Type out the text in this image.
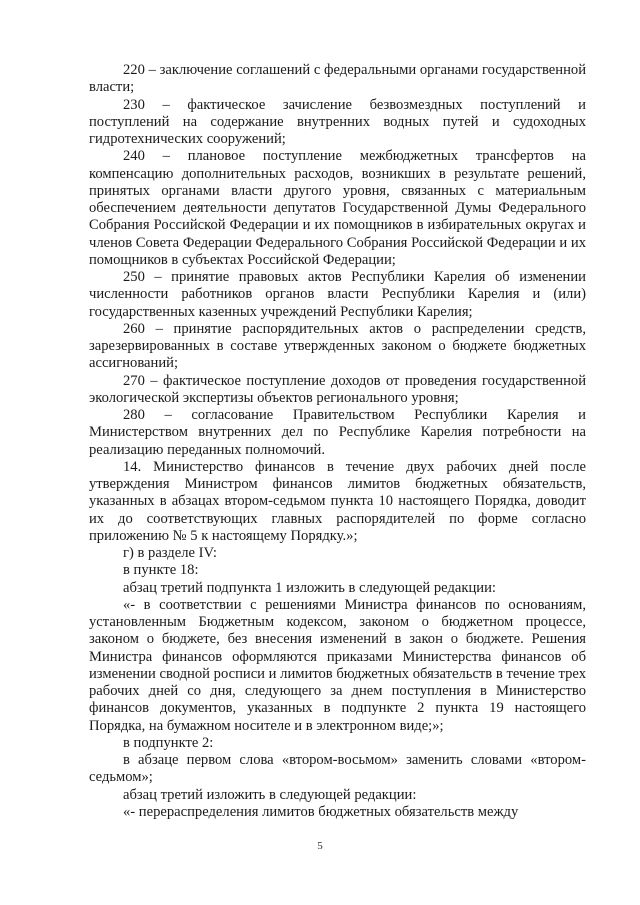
220 – заключение соглашений с федеральными органами государственной власти;

230 – фактическое зачисление безвозмездных поступлений и поступлений на содержание внутренних водных путей и судоходных гидротехнических сооружений;

240 – плановое поступление межбюджетных трансфертов на компенсацию дополнительных расходов, возникших в результате решений, принятых органами власти другого уровня, связанных с материальным обеспечением деятельности депутатов Государственной Думы Федерального Собрания Российской Федерации и их помощников в избирательных округах и членов Совета Федерации Федерального Собрания Российской Федерации и их помощников в субъектах Российской Федерации;

250 – принятие правовых актов Республики Карелия об изменении численности работников органов власти Республики Карелия и (или) государственных казенных учреждений Республики Карелия;

260 – принятие распорядительных актов о распределении средств, зарезервированных в составе утвержденных законом о бюджете бюджетных ассигнований;

270 – фактическое поступление доходов от проведения государственной экологической экспертизы объектов регионального уровня;

280 – согласование Правительством Республики Карелия и Министерством внутренних дел по Республике Карелия потребности на реализацию переданных полномочий.

14. Министерство финансов в течение двух рабочих дней после утверждения Министром финансов лимитов бюджетных обязательств, указанных в абзацах втором-седьмом пункта 10 настоящего Порядка, доводит их до соответствующих главных распорядителей по форме согласно приложению № 5 к настоящему Порядку.»;

г) в разделе IV:

в пункте 18:

абзац третий подпункта 1 изложить в следующей редакции:

«- в соответствии с решениями Министра финансов по основаниям, установленным Бюджетным кодексом, законом о бюджетном процессе, законом о бюджете, без внесения изменений в закон о бюджете. Решения Министра финансов оформляются приказами Министерства финансов об изменении сводной росписи и лимитов бюджетных обязательств в течение трех рабочих дней со дня, следующего за днем поступления в Министерство финансов документов, указанных в подпункте 2 пункта 19 настоящего Порядка, на бумажном носителе и в электронном виде;»;

в подпункте 2:

в абзаце первом слова «втором-восьмом» заменить словами «втором-седьмом»;

абзац третий изложить в следующей редакции:

«- перераспределения лимитов бюджетных обязательств между

5
